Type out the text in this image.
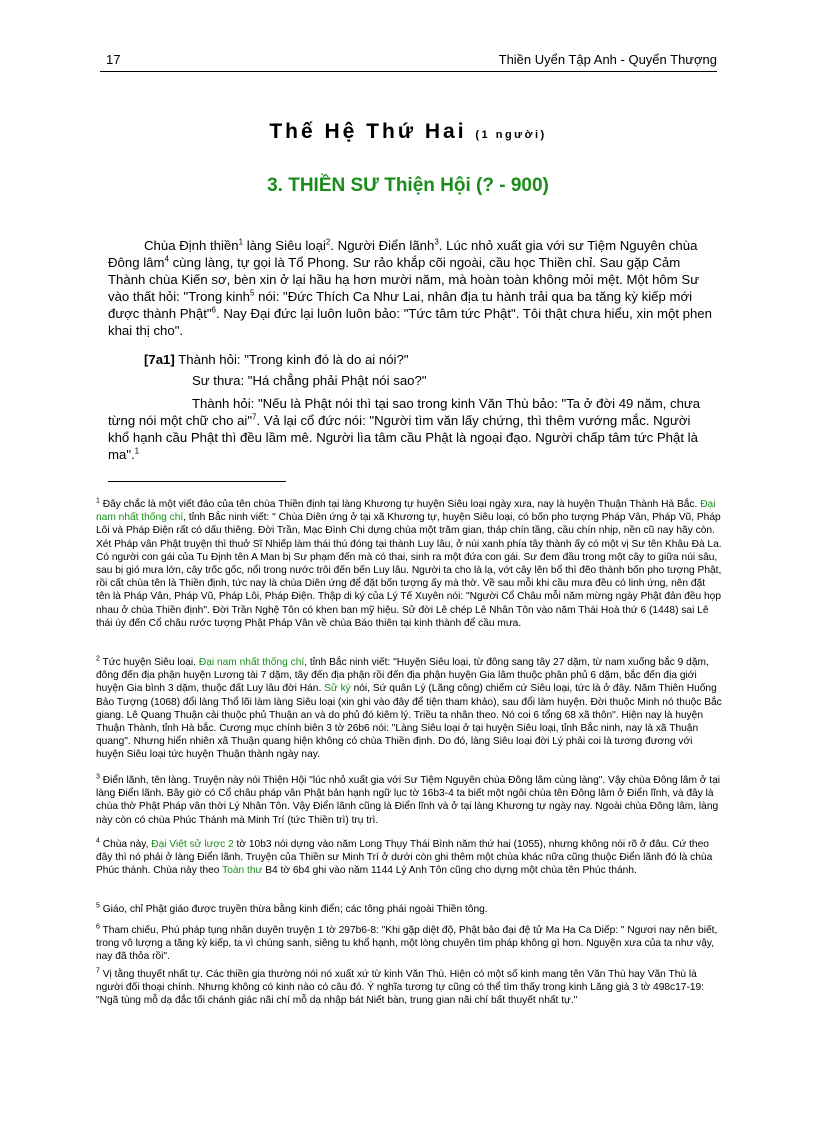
17	Thiền Uyển Tập Anh - Quyển Thượng
Thế Hệ Thứ Hai (1 người)
3. THIỀN SƯ Thiện Hội (? - 900)

Chùa Định thiền$^1$ làng Siêu loại$^2$. Người Điển lãnh$^3$. Lúc nhỏ xuất gia với sư Tiệm Nguyên chùa Đông lâm$^4$ cùng làng, tự gọi là Tổ Phong. Sư rảo khắp cõi ngoài, cầu học Thiền chỉ. Sau gặp Cảm Thành chùa Kiến sơ, bèn xin ở lại hầu hạ hơn mười năm, mà hoàn toàn không mỏi mệt. Một hôm Sư vào thất hỏi: "Trong kinh$^5$ nói: "Đức Thích Ca Như Lai, nhân địa tu hành trải qua ba tăng kỳ kiếp mới được thành Phật"$^6$. Nay Đại đức lại luôn luôn bảo: "Tức tâm tức Phật". Tôi thật chưa hiểu, xin một phen khai thị cho".

[7a1] Thành hỏi: "Trong kinh đó là do ai nói?"

Sư thưa: "Há chẳng phải Phật nói sao?"

Thành hỏi: "Nếu là Phật nói thì tại sao trong kinh Văn Thù bảo: "Ta ở đời 49 năm, chưa từng nói một chữ cho ai"$^7$. Vả lại cổ đức nói: "Người tìm văn lấy chứng, thì thêm vướng mắc. Người khổ hạnh cầu Phật thì đều lầm mê. Người lìa tâm cầu Phật là ngoại đạo. Người chấp tâm tức Phật là ma".$^1$

$^1$ Đây chắc là một viết đảo của tên chùa Thiền định tại làng Khương tự huyện Siêu loại ngày xưa, nay là huyện Thuận Thành Hà Bắc. Đại nam nhất thống chí, tỉnh Bắc ninh viết: " Chùa Diên ứng ở tại xã Khương tự, huyện Siêu loại, có bốn pho tượng Pháp Vân, Pháp Vũ, Pháp Lôi và Pháp Điện rất có dấu thiêng. Đời Trần, Mạc Đình Chi dựng chùa một trăm gian, tháp chín tầng, cầu chín nhịp, nền cũ nay hãy còn. Xét Pháp vân Phật truyện thì thuở Sĩ Nhiếp làm thái thú đóng tại thành Luy lâu, ở núi xanh phía tây thành ấy có một vị Sư tên Khâu Đà La. Có người con gái của Tu Định tên A Man bị Sư phạm đến mà có thai, sinh ra một đứa con gái. Sư đem đầu trong một cây to giữa núi sâu, sau bị gió mưa lớn, cây trốc gốc, nổi trong nước trôi đến bến Luy lâu. Người ta cho là lạ, vớt cây lên bổ thì đẽo thành bốn pho tượng Phật, rồi cất chùa tên là Thiền định, tức nay là chùa Diên ứng để đặt bốn tượng ấy mà thờ. Về sau mỗi khi cầu mưa đều có linh ứng, nên đặt tên là Pháp Vân, Pháp Vũ, Pháp Lôi, Pháp Điện. Thập di ký của Lý Tế Xuyên nói: "Người Cổ Châu mỗi năm mừng ngày Phật đản đều họp nhau ở chùa Thiền định". Đời Trần Nghệ Tôn có khen ban mỹ hiệu. Sử đời Lê chép Lê Nhân Tôn vào năm Thái Hoà thứ 6 (1448) sai Lê thái úy đến Cổ châu rước tượng Phật Pháp Vân về chùa Báo thiên tại kinh thành để cầu mưa.
$^2$ Tức huyện Siêu loại. Đại nam nhất thống chí, tỉnh Bắc ninh viết: "Huyện Siêu loại, từ đông sang tây 27 dặm, từ nam xuống bắc 9 dặm, đông đến địa phận huyện Lương tài 7 dặm, tây đến địa phận rồi đến địa phận huyện Gia lâm thuộc phân phủ 6 dặm, bắc đến địa giới huyện Gia bình 3 dặm, thuộc đất Luy lâu đời Hán. Sử ký nói, Sứ quân Lý (Lãng công) chiếm cứ Siêu loại, tức là ở đây. Năm Thiên Huống Bảo Tượng (1068) đổi làng Thổ lõi làm làng Siêu loại (xin ghi vào đây để tiện tham khảo), sau đổi làm huyện. Đời thuộc Minh nó thuộc Bắc giang. Lê Quang Thuận cải thuộc phủ Thuận an và do phủ đó kiêm lý. Triều ta nhân theo. Nó coi 6 tổng 68 xã thôn". Hiện nay là huyện Thuận Thành, tỉnh Hà bắc. Cương mục chính biên 3 tờ 26b6 nói: "Làng Siêu loại ở tại huyện Siêu loại, tỉnh Bắc ninh, nay là xã Thuận quang". Nhưng hiển nhiên xã Thuận quang hiện không có chùa Thiền định. Do đó, làng Siêu loại đời Lý phải coi là tương đương với huyện Siêu loại tức huyện Thuận thành ngày nay.
$^3$ Điển lãnh, tên làng. Truyện này nói Thiện Hội "lúc nhỏ xuất gia với Sư Tiệm Nguyên chùa Đông lâm cùng làng". Vậy chùa Đông lâm ở tại làng Điển lãnh. Bây giờ có Cổ châu pháp vân Phật bản hạnh ngữ lục tờ 16b3-4 ta biết một ngôi chùa tên Đông lâm ở Điển lĩnh, và đây là chùa thờ Phật Pháp vân thời Lý Nhân Tôn. Vậy Điển lãnh cũng là Điển lĩnh và ở tại làng Khương tự ngày nay. Ngoài chùa Đông lâm, làng này còn có chùa Phúc Thánh mà Minh Trí (tức Thiền trì) trụ trì.
$^4$ Chùa này, Đại Việt sử lược 2 tờ 10b3 nói dựng vào năm Long Thụy Thái Bình năm thứ hai (1055), nhưng không nói rõ ở đâu. Cứ theo đây thì nó phải ở làng Điển lãnh. Truyện của Thiền sư Minh Trí ở dưới còn ghi thêm một chùa khác nữa cũng thuộc Điển lãnh đó là chùa Phúc thánh. Chùa này theo Toàn thư B4 tờ 6b4 ghi vào năm 1144 Lý Anh Tôn cũng cho dựng một chùa tên Phúc thánh.
$^5$ Giáo, chỉ Phật giáo được truyền thừa bằng kinh điển; các tông phái ngoài Thiền tông.
$^6$ Tham chiếu, Phú pháp tụng nhân duyên truyện 1 tờ 297b6-8: "Khi gặp diệt độ, Phật bảo đại đệ tử Ma Ha Ca Diếp: " Ngươi nay nên biết, trong vô lượng a tăng kỳ kiếp, ta vì chúng sanh, siêng tu khổ hạnh, một lòng chuyên tìm pháp không gì hơn. Nguyện xưa của ta như vậy, nay đã thỏa rồi".
$^7$ Vị tằng thuyết nhất tự. Các thiền gia thường nói nó xuất xứ từ kinh Văn Thù. Hiện có một số kinh mang tên Văn Thù hay Văn Thù là người đối thoại chính. Nhưng không có kinh nào có câu đó. Ý nghĩa tương tự cũng có thể tìm thấy trong kinh Lăng già 3 tờ 498c17-19: "Ngã tùng mỗ dạ đắc tối chánh giác nãi chí mỗ dạ nhập bát Niết bàn, trung gian nãi chí bất thuyết nhất tự."
